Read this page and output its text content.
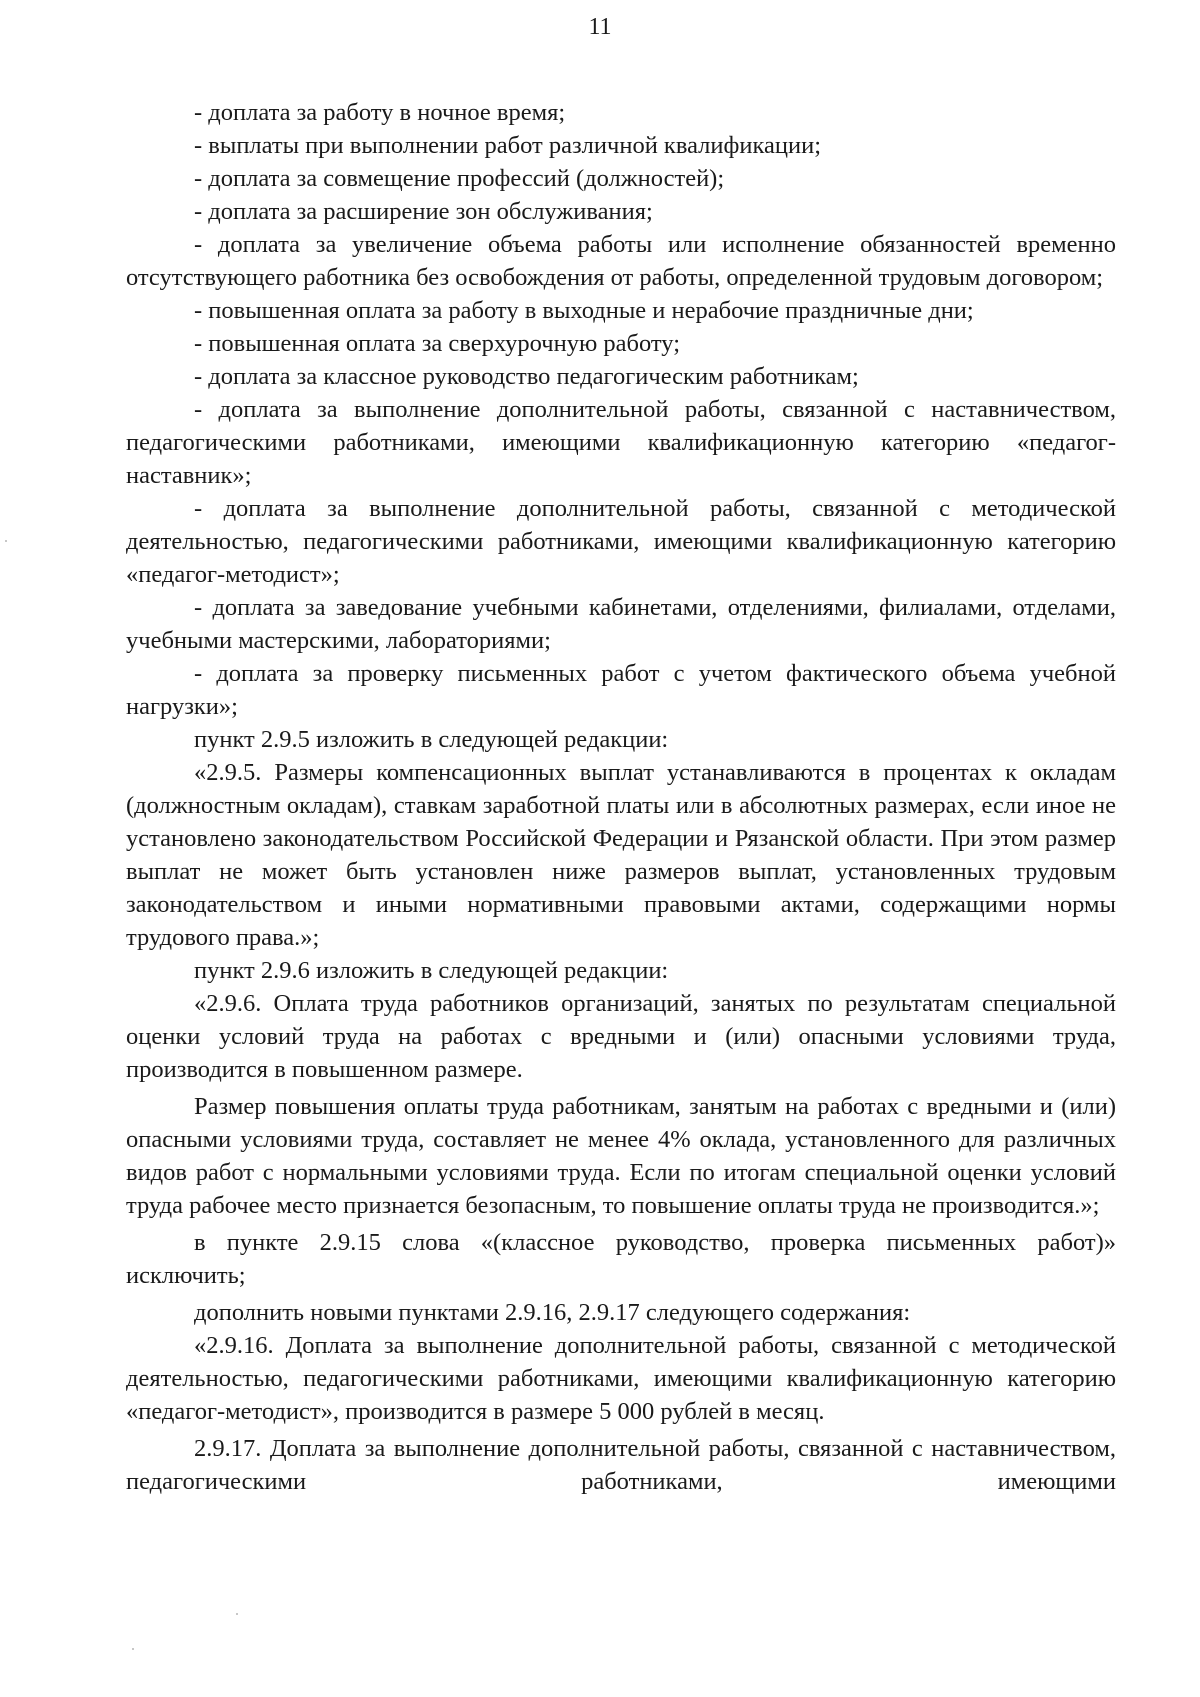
11

- доплата за работу в ночное время;

- выплаты при выполнении работ различной квалификации;

- доплата за совмещение профессий (должностей);

- доплата за расширение зон обслуживания;

- доплата за увеличение объема работы или исполнение обязанностей временно отсутствующего работника без освобождения от работы, определенной трудовым договором;

- повышенная оплата за работу в выходные и нерабочие праздничные дни;

- повышенная оплата за сверхурочную работу;

- доплата за классное руководство педагогическим работникам;

- доплата за выполнение дополнительной работы, связанной с наставничеством, педагогическими работниками, имеющими квалификационную категорию «педагог-наставник»;

- доплата за выполнение дополнительной работы, связанной с методической деятельностью, педагогическими работниками, имеющими квалификационную категорию «педагог-методист»;

- доплата за заведование учебными кабинетами, отделениями, филиалами, отделами, учебными мастерскими, лабораториями;

- доплата за проверку письменных работ с учетом фактического объема учебной нагрузки»;

пункт 2.9.5 изложить в следующей редакции:

«2.9.5. Размеры компенсационных выплат устанавливаются в процентах к окладам (должностным окладам), ставкам заработной платы или в абсолютных размерах, если иное не установлено законодательством Российской Федерации и Рязанской области. При этом размер выплат не может быть установлен ниже размеров выплат, установленных трудовым законодательством и иными нормативными правовыми актами, содержащими нормы трудового права.»;

пункт 2.9.6 изложить в следующей редакции:

«2.9.6. Оплата труда работников организаций, занятых по результатам специальной оценки условий труда на работах с вредными и (или) опасными условиями труда, производится в повышенном размере.

Размер повышения оплаты труда работникам, занятым на работах с вредными и (или) опасными условиями труда, составляет не менее 4% оклада, установленного для различных видов работ с нормальными условиями труда. Если по итогам специальной оценки условий труда рабочее место признается безопасным, то повышение оплаты труда не производится.»;

в пункте 2.9.15 слова «(классное руководство, проверка письменных работ)» исключить;

дополнить новыми пунктами 2.9.16, 2.9.17 следующего содержания:

«2.9.16. Доплата за выполнение дополнительной работы, связанной с методической деятельностью, педагогическими работниками, имеющими квалификационную категорию «педагог-методист», производится в размере 5 000 рублей в месяц.

2.9.17. Доплата за выполнение дополнительной работы, связанной с наставничеством, педагогическими работниками, имеющими
